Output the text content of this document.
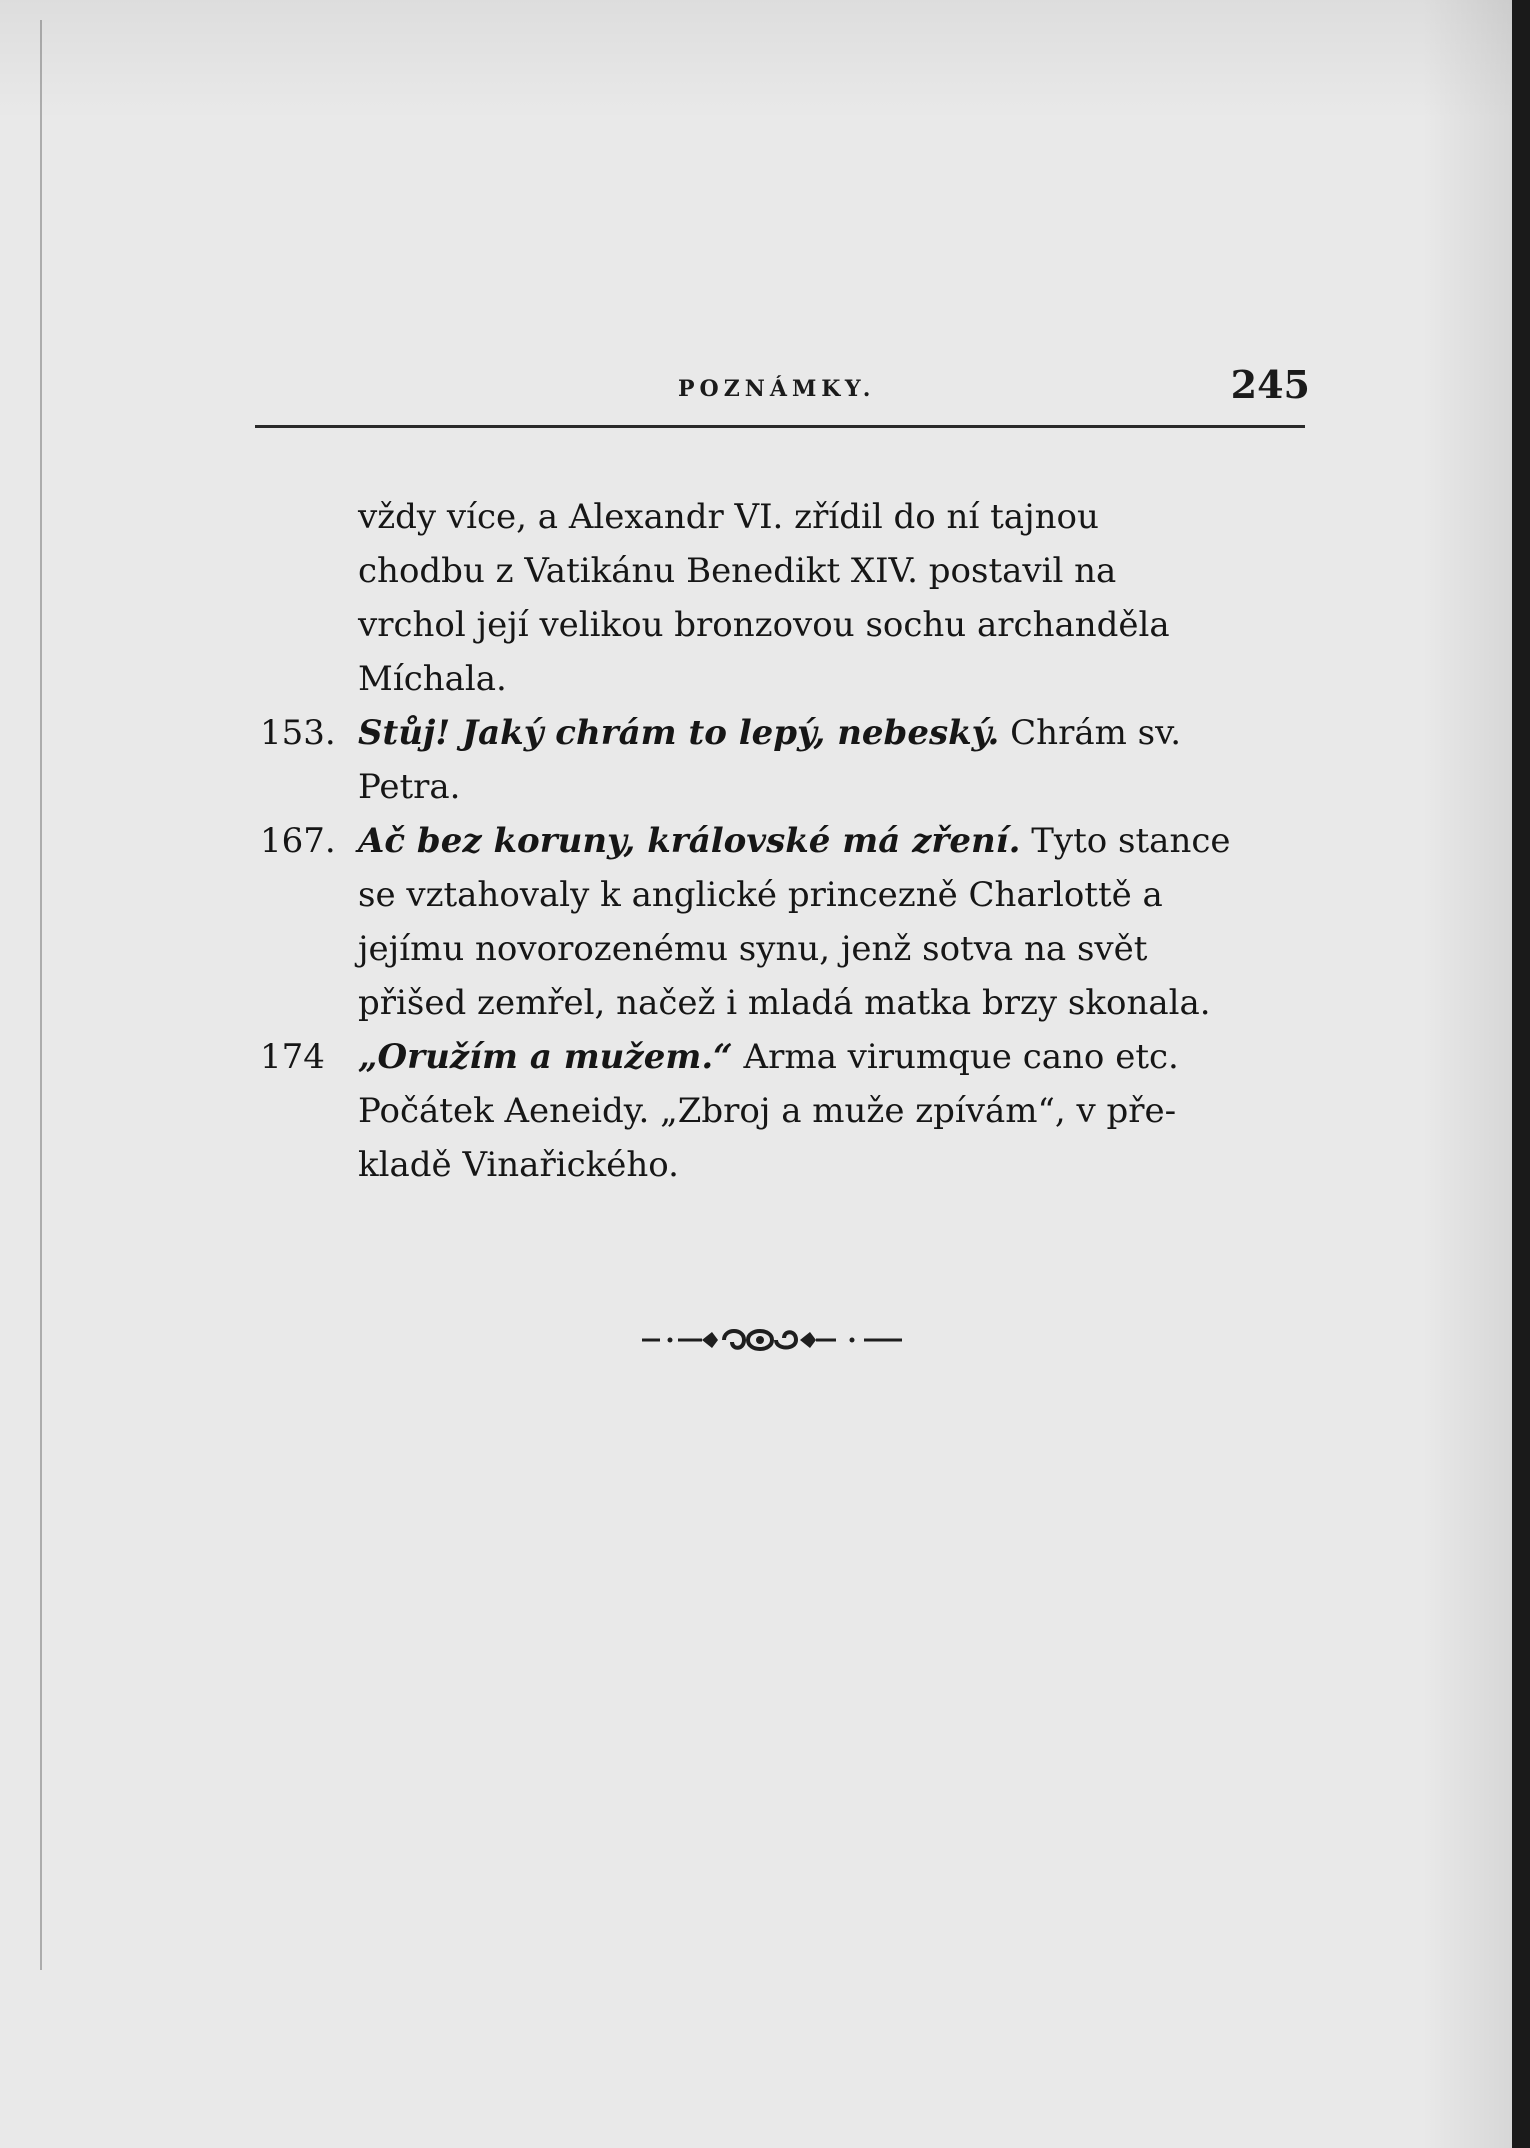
POZNÁMKY.	245
vždy více, a Alexandr VI. zřídil do ní tajnou
chodbu z Vatikánu Benedikt XIV. postavil na
vrchol její velikou bronzovou sochu archanděla
Míchala.
153. Stůj! Jaký chrám to lepý, nebeský. Chrám sv.
Petra.
167. Ač bez koruny, královské má zření. Tyto stance
se vztahovaly k anglické princezně Charlottě a
jejímu novorozenému synu, jenž sotva na svět
přišed zemřel, načež i mladá matka brzy skonala.
174 „Oružím a mužem.“ Arma virumque cano etc.
Počátek Aeneidy. „Zbroj a muže zpívám“, v pře-
kladě Vinařického.
